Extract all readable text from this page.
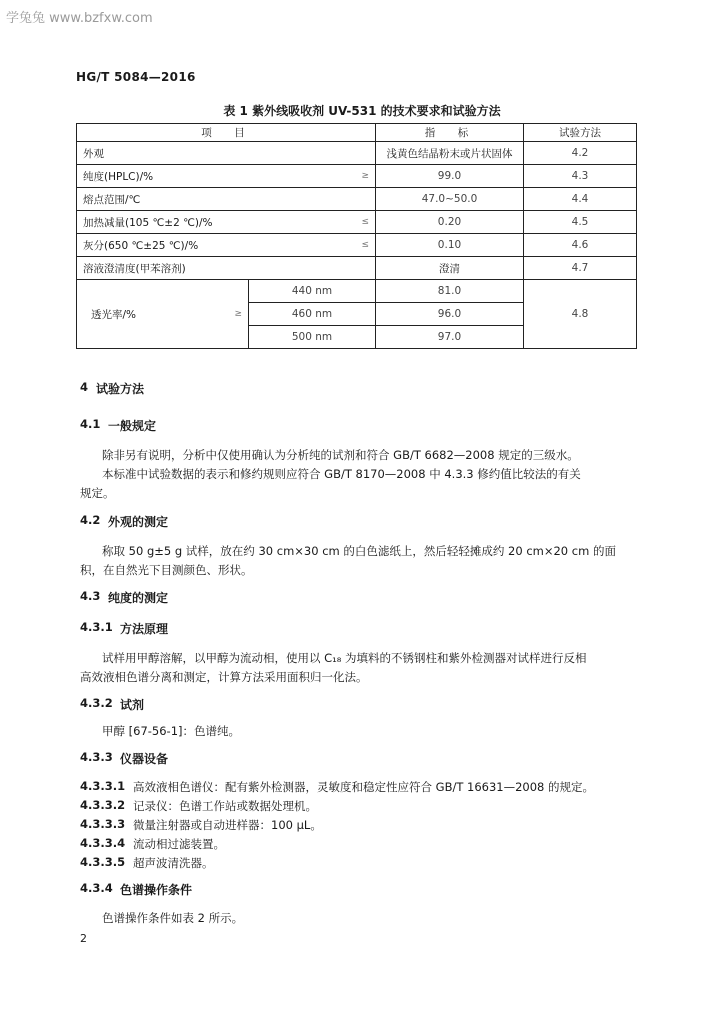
学兔兔 www.bzfxw.com
HG/T 5084—2016
表 1 紫外线吸收剂 UV-531 的技术要求和试验方法
项　目		指　标	试验方法
外观		浅黄色结晶粉末或片状固体	4.2
纯度(HPLC)/% ≥		99.0	4.3
熔点范围/℃		47.0~50.0	4.4
加热减量(105 ℃±2 ℃)/% ≤		0.20	4.5
灰分(650 ℃±25 ℃)/% ≤		0.10	4.6
溶液澄清度(甲苯溶剂)		澄清	4.7
透光率/% ≥	440 nm	81.0	4.8
	460 nm	96.0	
	500 nm	97.0	
4 试验方法
4.1 一般规定
除非另有说明，分析中仅使用确认为分析纯的试剂和符合 GB/T 6682—2008 规定的三级水。
本标准中试验数据的表示和修约规则应符合 GB/T 8170—2008 中 4.3.3 修约值比较法的有关
规定。
4.2 外观的测定
称取 50 g±5 g 试样，放在约 30 cm×30 cm 的白色滤纸上，然后轻轻摊成约 20 cm×20 cm 的面
积，在自然光下目测颜色、形状。
4.3 纯度的测定
4.3.1 方法原理
试样用甲醇溶解，以甲醇为流动相，使用以 C₁₈ 为填料的不锈钢柱和紫外检测器对试样进行反相
高效液相色谱分离和测定，计算方法采用面积归一化法。
4.3.2 试剂
甲醇 [67-56-1]：色谱纯。
4.3.3 仪器设备
4.3.3.1 高效液相色谱仪：配有紫外检测器，灵敏度和稳定性应符合 GB/T 16631—2008 的规定。
4.3.3.2 记录仪：色谱工作站或数据处理机。
4.3.3.3 微量注射器或自动进样器：100 μL。
4.3.3.4 流动相过滤装置。
4.3.3.5 超声波清洗器。
4.3.4 色谱操作条件
色谱操作条件如表 2 所示。
2
